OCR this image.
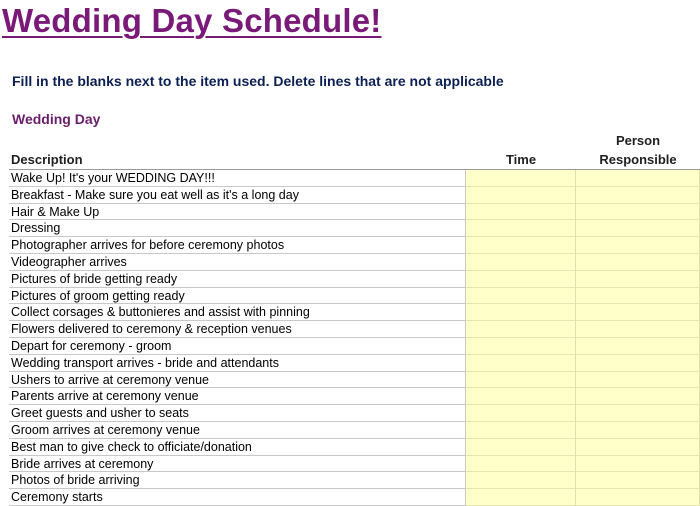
Wedding Day Schedule!
Fill in the blanks next to the item used. Delete lines that are not applicable
Wedding Day
Description	Time
Person
Responsible
Wake Up! It's your WEDDING DAY!!!
Breakfast - Make sure you eat well as it's a long day
Hair & Make Up
Dressing
Photographer arrives for before ceremony photos
Videographer arrives
Pictures of bride getting ready
Pictures of groom getting ready
Collect corsages & buttonieres and assist with pinning
Flowers delivered to ceremony & reception venues
Depart for ceremony - groom
Wedding transport arrives - bride and attendants
Ushers to arrive at ceremony venue
Parents arrive at ceremony venue
Greet guests and usher to seats
Groom arrives at ceremony venue
Best man to give check to officiate/donation
Bride arrives at ceremony
Photos of bride arriving
Ceremony starts
